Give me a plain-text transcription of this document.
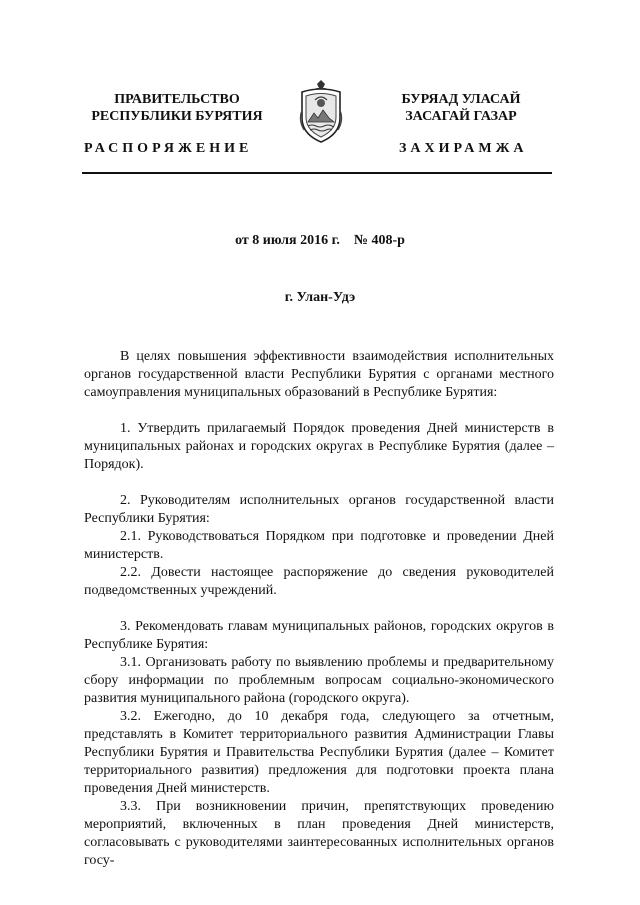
ПРАВИТЕЛЬСТВО
РЕСПУБЛИКИ БУРЯТИЯ
БУРЯАД УЛАСАЙ
ЗАСАГАЙ ГАЗАР
РАСПОРЯЖЕНИЕ	ЗАХИРАМЖА
от 8 июля 2016 г. № 408-р
г. Улан-Удэ

В целях повышения эффективности взаимодействия исполнительных органов государственной власти Республики Бурятия с органами местного самоуправления муниципальных образований в Республике Бурятия:

1. Утвердить прилагаемый Порядок проведения Дней министерств в муниципальных районах и городских округах в Республике Бурятия (далее – Порядок).

2. Руководителям исполнительных органов государственной власти Республики Бурятия:

2.1. Руководствоваться Порядком при подготовке и проведении Дней министерств.

2.2. Довести настоящее распоряжение до сведения руководителей подведомственных учреждений.

3. Рекомендовать главам муниципальных районов, городских округов в Республике Бурятия:

3.1. Организовать работу по выявлению проблемы и предварительному сбору информации по проблемным вопросам социально-экономического развития муниципального района (городского округа).

3.2. Ежегодно, до 10 декабря года, следующего за отчетным, представлять в Комитет территориального развития Администрации Главы Республики Бурятия и Правительства Республики Бурятия (далее – Комитет территориального развития) предложения для подготовки проекта плана проведения Дней министерств.

3.3. При возникновении причин, препятствующих проведению мероприятий, включенных в план проведения Дней министерств, согласовывать с руководителями заинтересованных исполнительных органов госу-
